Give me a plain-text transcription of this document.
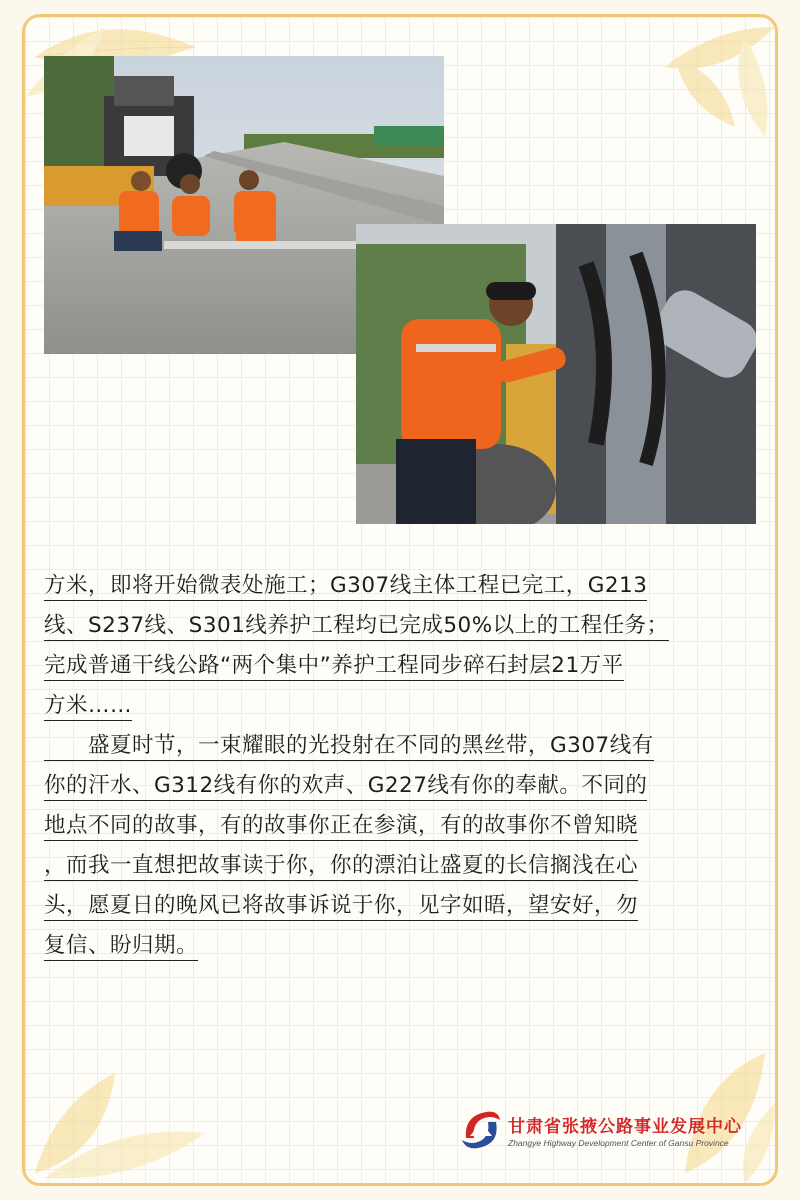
方米，即将开始微表处施工；G307线主体工程已完工，G213
线、S237线、S301线养护工程均已完成50%以上的工程任务；
完成普通干线公路“两个集中”养护工程同步碎石封层21万平
方米……
　　盛夏时节，一束耀眼的光投射在不同的黑丝带，G307线有
你的汗水、G312线有你的欢声、G227线有你的奉献。不同的
地点不同的故事，有的故事你正在参演，有的故事你不曾知晓
，而我一直想把故事读于你，你的漂泊让盛夏的长信搁浅在心
头，愿夏日的晚风已将故事诉说于你，见字如晤，望安好，勿
复信、盼归期。
甘肃省张掖公路事业发展中心
Zhangye Highway Development Center of Gansu Province
